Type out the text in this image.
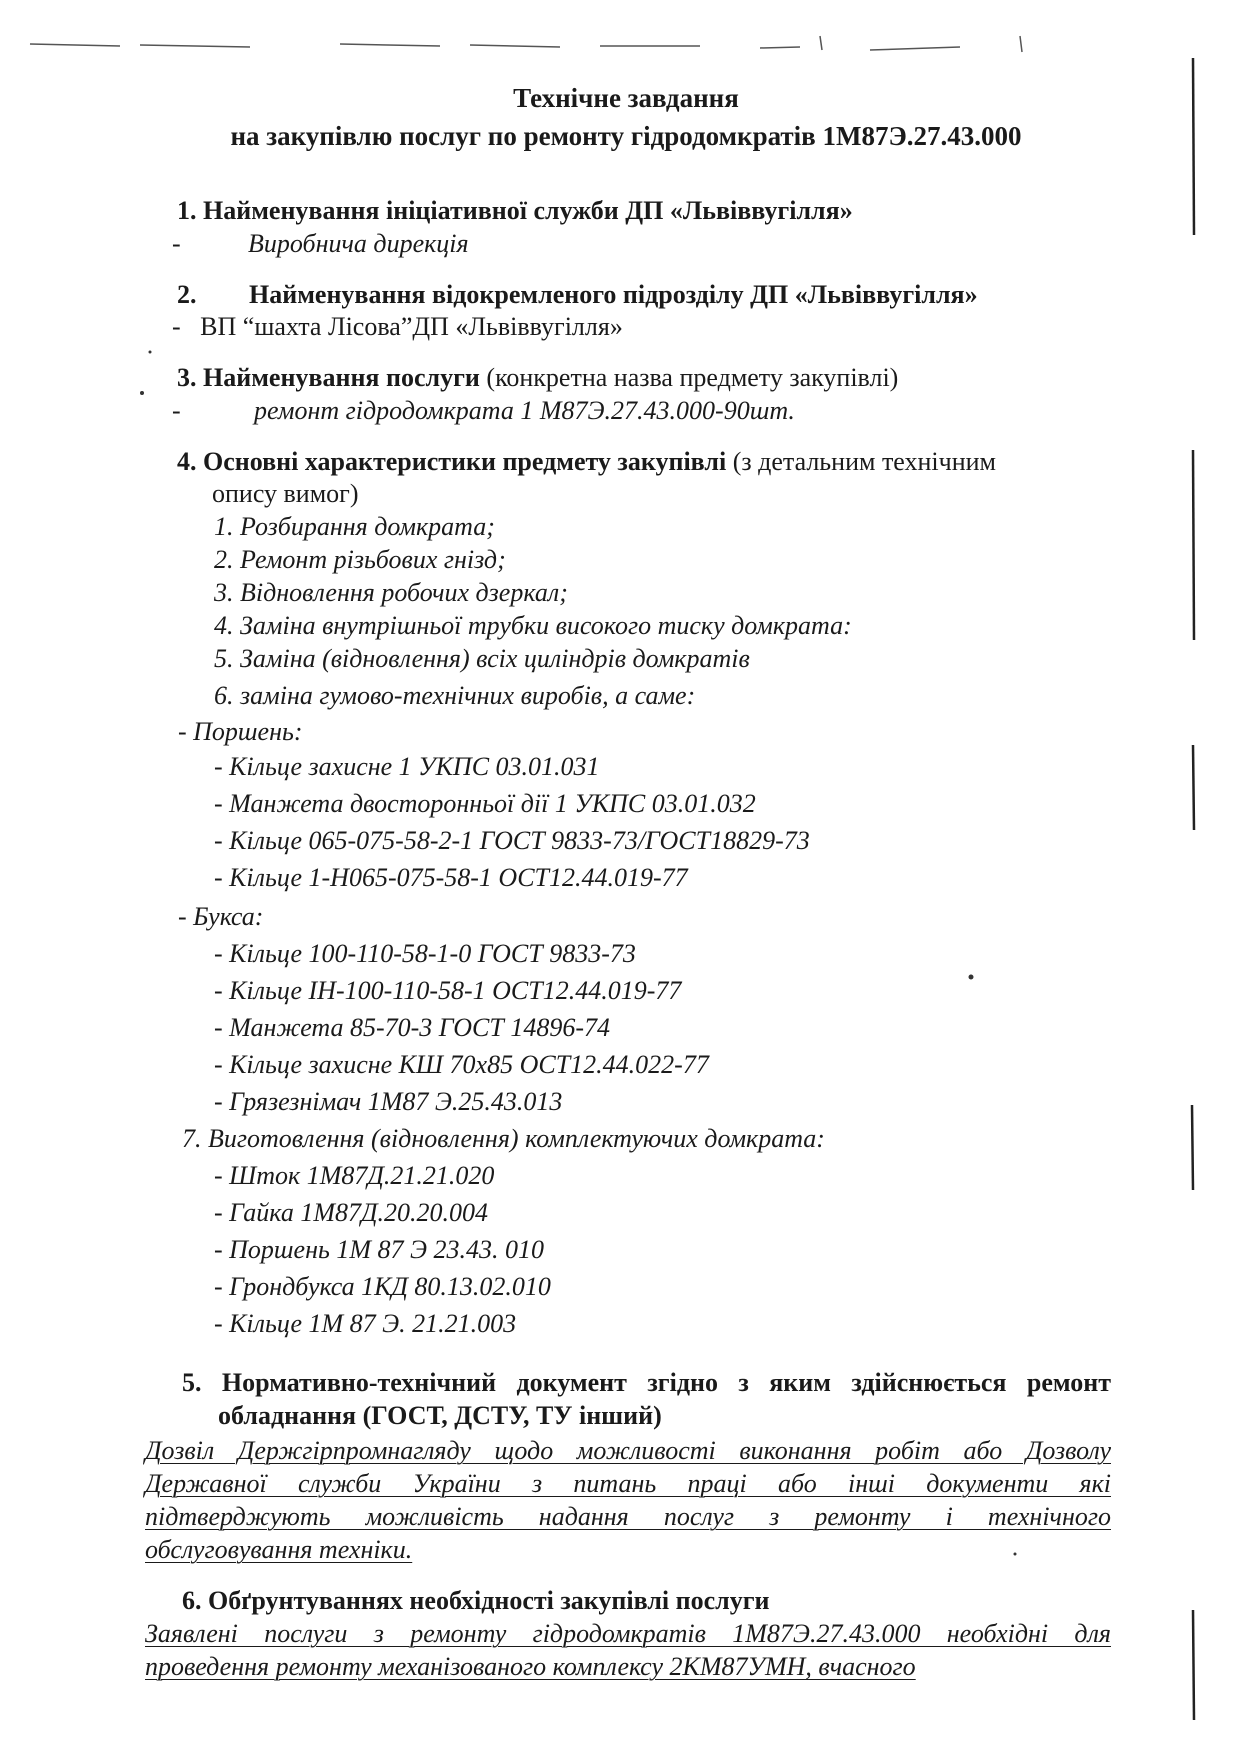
Технічне завдання
на закупівлю послуг по ремонту гідродомкратів 1М87Э.27.43.000
1. Найменування ініціативної служби ДП «Львіввугілля»
-	Виробнича дирекція
2. Найменування відокремленого підрозділу ДП «Львіввугілля»
-   ВП “шахта Лісова”ДП «Львіввугілля»
3. Найменування послуги (конкретна назва предмету закупівлі)
-	ремонт гідродомкрата 1 М87Э.27.43.000-90шт.
4. Основні характеристики предмету закупівлі (з детальним технічним
опису вимог)
1. Розбирання домкрата;
2. Ремонт різьбових гнізд;
3. Відновлення робочих дзеркал;
4. Заміна внутрішньої трубки високого тиску домкрата:
5. Заміна (відновлення) всіх циліндрів домкратів
6. заміна гумово-технічних виробів, а саме:
- Поршень:
- Кільце захисне 1 УКПС 03.01.031
- Манжета двосторонньої дії 1 УКПС 03.01.032
- Кільце 065-075-58-2-1 ГОСТ 9833-73/ГОСТ18829-73
- Кільце 1-Н065-075-58-1 ОСТ12.44.019-77
- Букса:
- Кільце 100-110-58-1-0 ГОСТ 9833-73
- Кільце ІН-100-110-58-1 ОСТ12.44.019-77
- Манжета 85-70-3 ГОСТ 14896-74
- Кільце захисне КШ 70х85 ОСТ12.44.022-77
- Грязезнімач 1М87 Э.25.43.013
7. Виготовлення (відновлення) комплектуючих домкрата:
- Шток 1М87Д.21.21.020
- Гайка 1М87Д.20.20.004
- Поршень 1М 87 Э 23.43. 010
- Грондбукса 1КД 80.13.02.010
- Кільце 1М 87 Э. 21.21.003
5. Нормативно-технічний документ згідно з яким здійснюється ремонт
обладнання (ГОСТ, ДСТУ, ТУ інший)
Дозвіл Держгірпромнагляду щодо можливості виконання робіт або Дозволу
Державної служби України з питань праці або інші документи які
підтверджують можливість надання послуг з ремонту і технічного
обслуговування техніки.
6. Обґрунтуваннях необхідності закупівлі послуги
Заявлені послуги з ремонту гідродомкратів 1М87Э.27.43.000 необхідні для
проведення ремонту механізованого комплексу 2КМ87УМН, вчасного
